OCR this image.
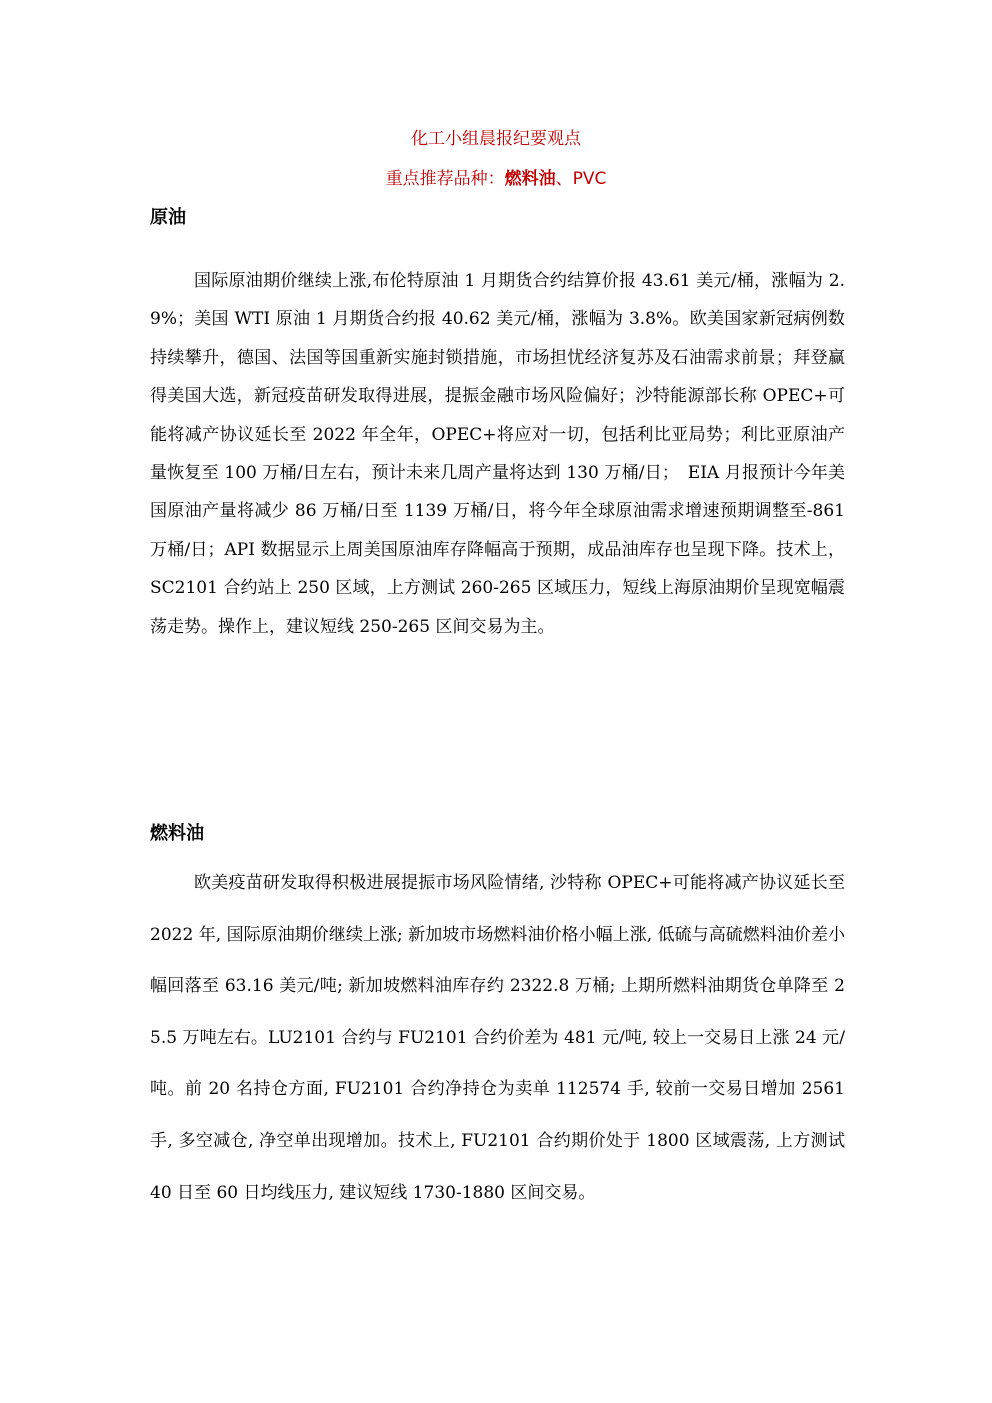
化工小组晨报纪要观点
重点推荐品种：燃料油、PVC
原油

国际原油期价继续上涨,布伦特原油 1 月期货合约结算价报 43.61 美元/桶，涨幅为 2.9%；美国 WTI 原油 1 月期货合约报 40.62 美元/桶，涨幅为 3.8%。欧美国家新冠病例数持续攀升，德国、法国等国重新实施封锁措施，市场担忧经济复苏及石油需求前景；拜登赢得美国大选，新冠疫苗研发取得进展，提振金融市场风险偏好；沙特能源部长称 OPEC+可能将减产协议延长至 2022 年全年，OPEC+将应对一切，包括利比亚局势；利比亚原油产量恢复至 100 万桶/日左右，预计未来几周产量将达到 130 万桶/日；　EIA 月报预计今年美国原油产量将减少 86 万桶/日至 1139 万桶/日，将今年全球原油需求增速预期调整至-861 万桶/日；API 数据显示上周美国原油库存降幅高于预期，成品油库存也呈现下降。技术上，SC2101 合约站上 250 区域，上方测试 260-265 区域压力，短线上海原油期价呈现宽幅震荡走势。操作上，建议短线 250-265 区间交易为主。

燃料油

欧美疫苗研发取得积极进展提振市场风险情绪, 沙特称 OPEC+可能将减产协议延长至 2022 年, 国际原油期价继续上涨; 新加坡市场燃料油价格小幅上涨, 低硫与高硫燃料油价差小幅回落至 63.16 美元/吨; 新加坡燃料油库存约 2322.8 万桶; 上期所燃料油期货仓单降至 25.5 万吨左右。LU2101 合约与 FU2101 合约价差为 481 元/吨, 较上一交易日上涨 24 元/吨。前 20 名持仓方面, FU2101 合约净持仓为卖单 112574 手, 较前一交易日增加 2561 手, 多空减仓, 净空单出现增加。技术上, FU2101 合约期价处于 1800 区域震荡, 上方测试 40 日至 60 日均线压力, 建议短线 1730-1880 区间交易。
